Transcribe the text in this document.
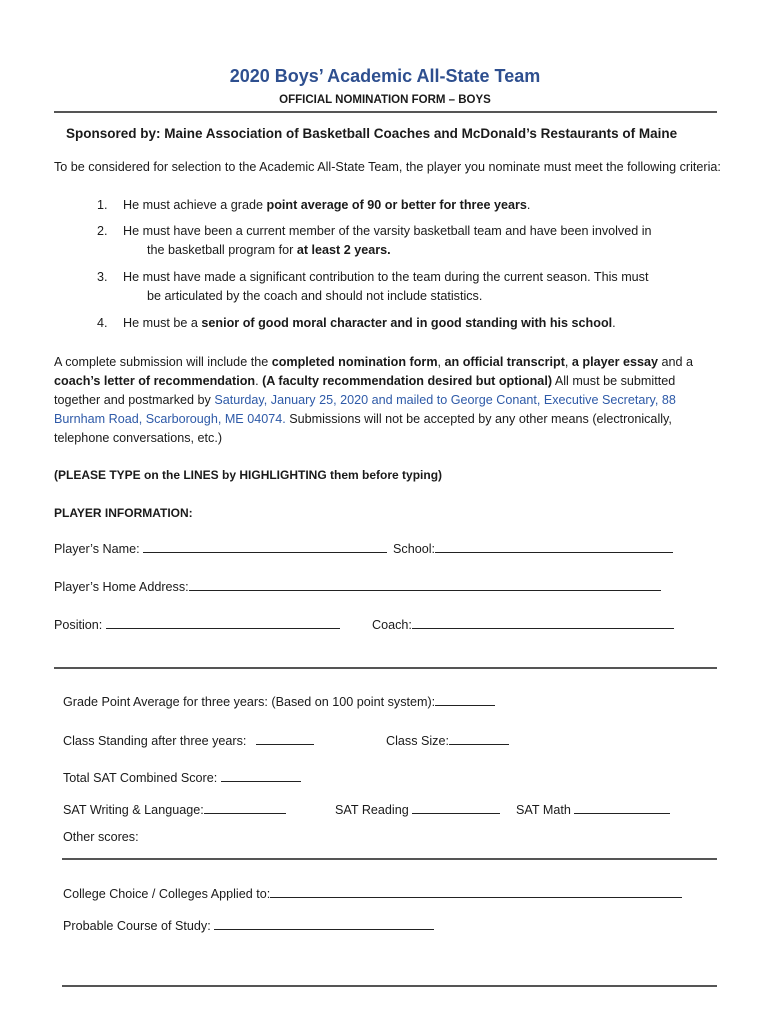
2020 Boys’ Academic All-State Team
OFFICIAL NOMINATION FORM – BOYS
Sponsored by: Maine Association of Basketball Coaches and McDonald’s Restaurants of Maine
To be considered for selection to the Academic All-State Team, the player you nominate must meet the following criteria:
1. He must achieve a grade point average of 90 or better for three years.
2. He must have been a current member of the varsity basketball team and have been involved in
the basketball program for at least 2 years.
3. He must have made a significant contribution to the team during the current season. This must
be articulated by the coach and should not include statistics.
4. He must be a senior of good moral character and in good standing with his school.
A complete submission will include the completed nomination form, an official transcript, a player essay and a coach’s letter of recommendation. (A faculty recommendation desired but optional) All must be submitted together and postmarked by Saturday, January 25, 2020 and mailed to George Conant, Executive Secretary, 88 Burnham Road, Scarborough, ME 04074. Submissions will not be accepted by any other means (electronically, telephone conversations, etc.)
(PLEASE TYPE on the LINES by HIGHLIGHTING them before typing)
PLAYER INFORMATION:
Player’s Name:	School:
Player’s Home Address:
Position:	Coach:
Grade Point Average for three years: (Based on 100 point system):
Class Standing after three years:	Class Size:
Total SAT Combined Score:
SAT Writing & Language:	SAT Reading	SAT Math
Other scores:
College Choice / Colleges Applied to:
Probable Course of Study:
